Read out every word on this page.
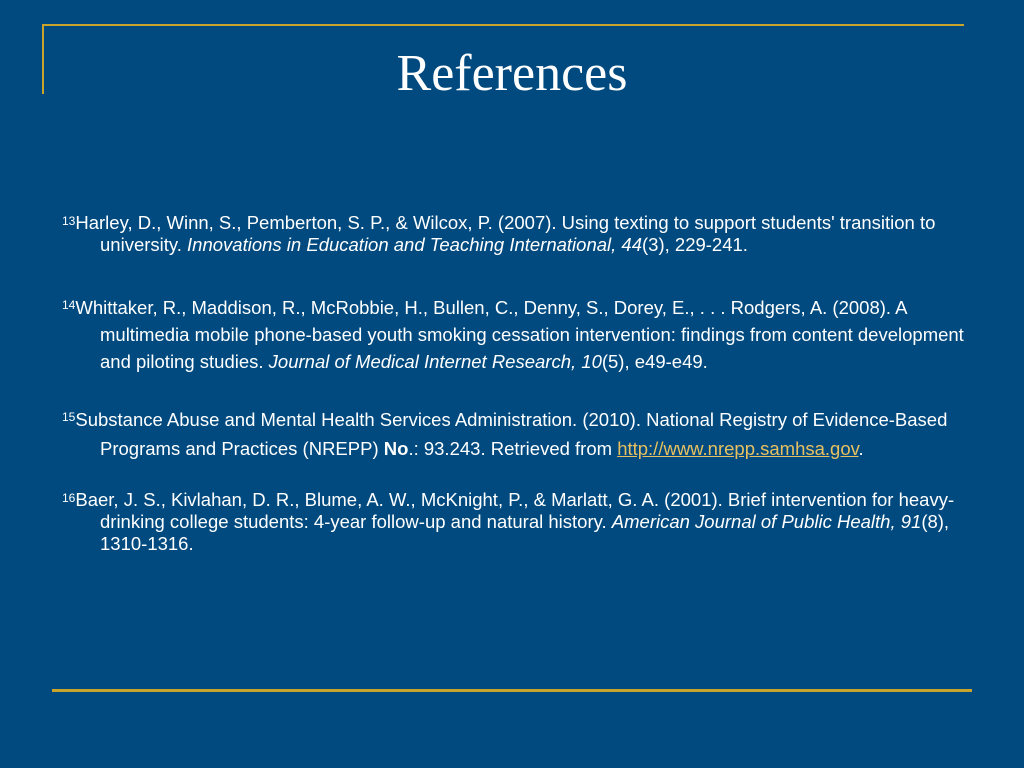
References

$^{13}$Harley, D., Winn, S., Pemberton, S. P., & Wilcox, P. (2007). Using texting to support students' transition to university. Innovations in Education and Teaching International, 44(3), 229-241.

$^{14}$Whittaker, R., Maddison, R., McRobbie, H., Bullen, C., Denny, S., Dorey, E., . . . Rodgers, A. (2008). A multimedia mobile phone-based youth smoking cessation intervention: findings from content development and piloting studies. Journal of Medical Internet Research, 10(5), e49-e49.

$^{15}$Substance Abuse and Mental Health Services Administration. (2010). National Registry of Evidence-Based Programs and Practices (NREPP) No.: 93.243. Retrieved from http://www.nrepp.samhsa.gov.

$^{16}$Baer, J. S., Kivlahan, D. R., Blume, A. W., McKnight, P., & Marlatt, G. A. (2001). Brief intervention for heavy-drinking college students: 4-year follow-up and natural history. American Journal of Public Health, 91(8), 1310-1316.
